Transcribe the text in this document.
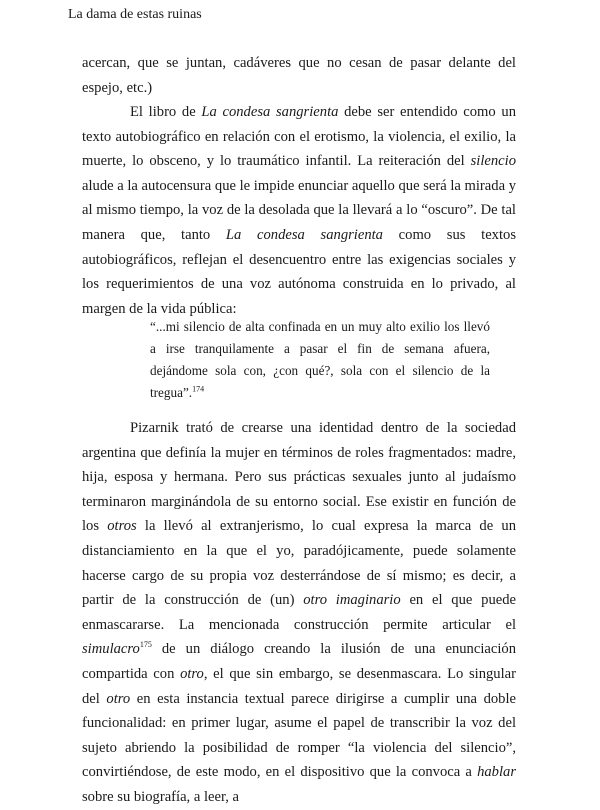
La dama de estas ruinas

acercan, que se juntan, cadáveres que no cesan de pasar delante del espejo, etc.)

El libro de La condesa sangrienta debe ser entendido como un texto autobiográfico en relación con el erotismo, la violencia, el exilio, la muerte, lo obsceno, y lo traumático infantil. La reiteración del silencio alude a la autocensura que le impide enunciar aquello que será la mirada y al mismo tiempo, la voz de la desolada que la llevará a lo “oscuro”. De tal manera que, tanto La condesa sangrienta como sus textos autobiográficos, reflejan el desencuentro entre las exigencias sociales y los requerimientos de una voz autónoma construida en lo privado, al margen de la vida pública:

“...mi silencio de alta confinada en un muy alto exilio los llevó a irse tranquilamente a pasar el fin de semana afuera, dejándome sola con, ¿con qué?, sola con el silencio de la tregua”.$^{174}$

Pizarnik trató de crearse una identidad dentro de la sociedad argentina que definía la mujer en términos de roles fragmentados: madre, hija, esposa y hermana. Pero sus prácticas sexuales junto al judaísmo terminaron marginándola de su entorno social. Ese existir en función de los otros la llevó al extranjerismo, lo cual expresa la marca de un distanciamiento en la que el yo, paradójicamente, puede solamente hacerse cargo de su propia voz desterrándose de sí mismo; es decir, a partir de la construcción de (un) otro imaginario en el que puede enmascararse. La mencionada construcción permite articular el simulacro$^{175}$ de un diálogo creando la ilusión de una enunciación compartida con otro, el que sin embargo, se desenmascara. Lo singular del otro en esta instancia textual parece dirigirse a cumplir una doble funcionalidad: en primer lugar, asume el papel de transcribir la voz del sujeto abriendo la posibilidad de romper “la violencia del silencio”, convirtiéndose, de este modo, en el dispositivo que la convoca a hablar sobre su biografía, a leer, a
